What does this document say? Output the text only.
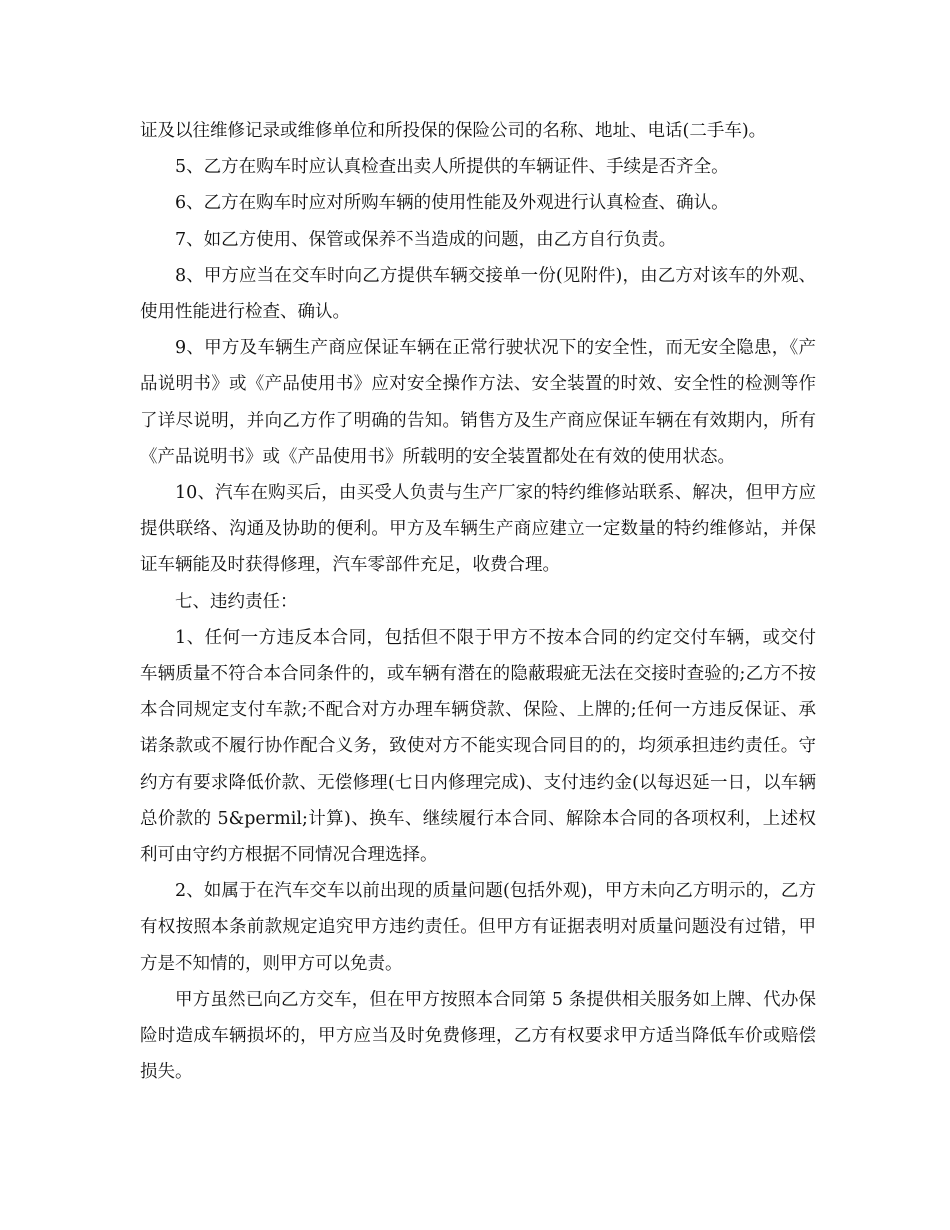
证及以往维修记录或维修单位和所投保的保险公司的名称、地址、电话(二手车)。

5、乙方在购车时应认真检查出卖人所提供的车辆证件、手续是否齐全。

6、乙方在购车时应对所购车辆的使用性能及外观进行认真检查、确认。

7、如乙方使用、保管或保养不当造成的问题，由乙方自行负责。

8、甲方应当在交车时向乙方提供车辆交接单一份(见附件)，由乙方对该车的外观、使用性能进行检查、确认。

9、甲方及车辆生产商应保证车辆在正常行驶状况下的安全性，而无安全隐患，《产品说明书》或《产品使用书》应对安全操作方法、安全装置的时效、安全性的检测等作了详尽说明，并向乙方作了明确的告知。销售方及生产商应保证车辆在有效期内，所有《产品说明书》或《产品使用书》所载明的安全装置都处在有效的使用状态。

10、汽车在购买后，由买受人负责与生产厂家的特约维修站联系、解决，但甲方应提供联络、沟通及协助的便利。甲方及车辆生产商应建立一定数量的特约维修站，并保证车辆能及时获得修理，汽车零部件充足，收费合理。

七、违约责任：

1、任何一方违反本合同，包括但不限于甲方不按本合同的约定交付车辆，或交付车辆质量不符合本合同条件的，或车辆有潜在的隐蔽瑕疵无法在交接时查验的;乙方不按本合同规定支付车款;不配合对方办理车辆贷款、保险、上牌的;任何一方违反保证、承诺条款或不履行协作配合义务，致使对方不能实现合同目的的，均须承担违约责任。守约方有要求降低价款、无偿修理(七日内修理完成)、支付违约金(以每迟延一日，以车辆总价款的 5&permil;计算)、换车、继续履行本合同、解除本合同的各项权利，上述权利可由守约方根据不同情况合理选择。

2、如属于在汽车交车以前出现的质量问题(包括外观)，甲方未向乙方明示的，乙方有权按照本条前款规定追究甲方违约责任。但甲方有证据表明对质量问题没有过错，甲方是不知情的，则甲方可以免责。

甲方虽然已向乙方交车，但在甲方按照本合同第 5 条提供相关服务如上牌、代办保险时造成车辆损坏的，甲方应当及时免费修理，乙方有权要求甲方适当降低车价或赔偿损失。
